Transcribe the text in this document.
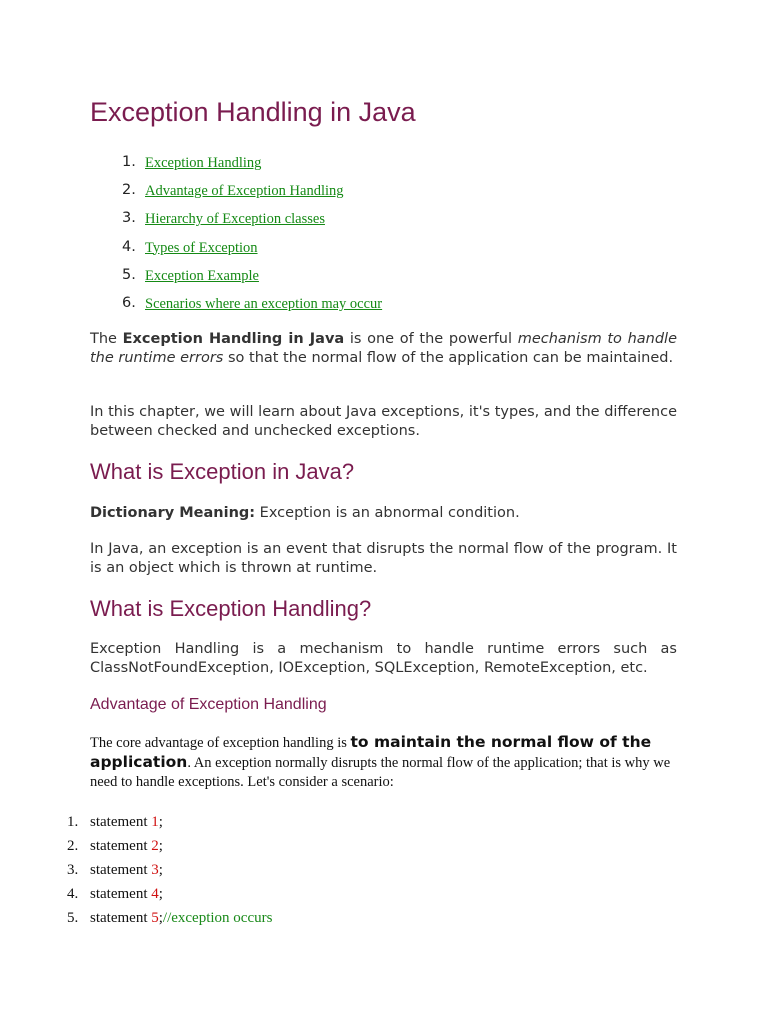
Exception Handling in Java
1. Exception Handling
2. Advantage of Exception Handling
3. Hierarchy of Exception classes
4. Types of Exception
5. Exception Example
6. Scenarios where an exception may occur

The Exception Handling in Java is one of the powerful mechanism to handle the runtime errors so that the normal flow of the application can be maintained.

In this chapter, we will learn about Java exceptions, it's types, and the difference between checked and unchecked exceptions.

What is Exception in Java?

Dictionary Meaning: Exception is an abnormal condition.

In Java, an exception is an event that disrupts the normal flow of the program. It is an object which is thrown at runtime.

What is Exception Handling?

Exception Handling is a mechanism to handle runtime errors such as ClassNotFoundException, IOException, SQLException, RemoteException, etc.

Advantage of Exception Handling

The core advantage of exception handling is to maintain the normal flow of the application. An exception normally disrupts the normal flow of the application; that is why we need to handle exceptions. Let's consider a scenario:

1. statement 1;
2. statement 2;
3. statement 3;
4. statement 4;
5. statement 5;//exception occurs
